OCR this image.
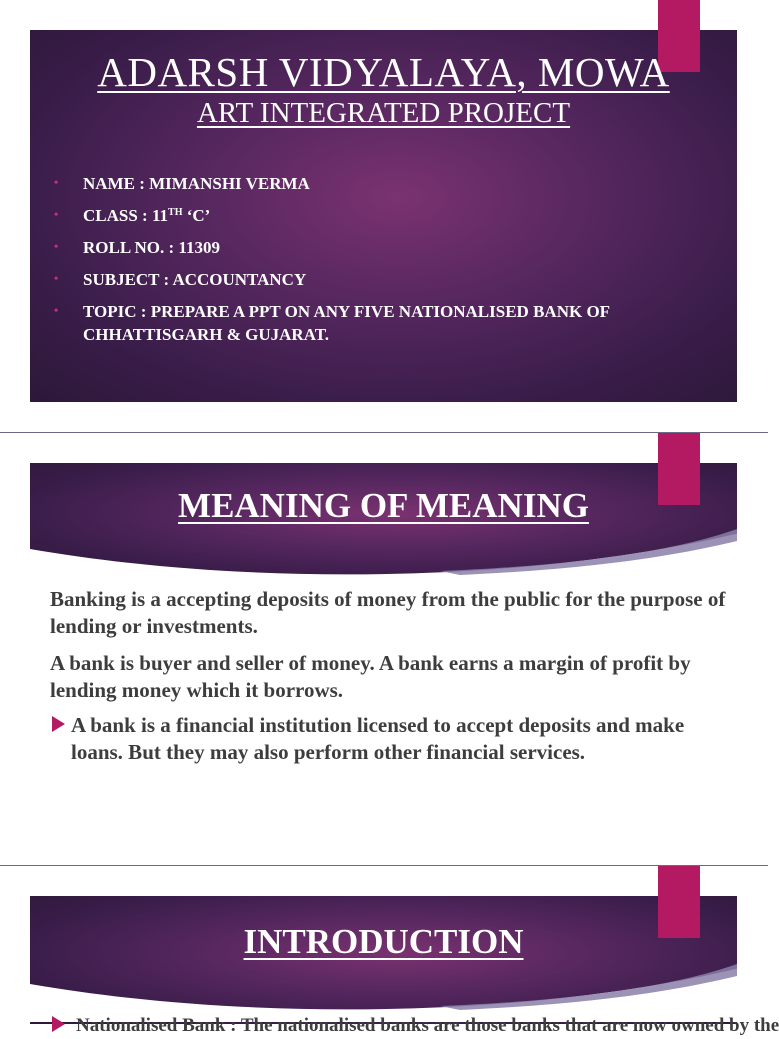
ADARSH VIDYALAYA, MOWA
ART INTEGRATED PROJECT
• NAME : MIMANSHI VERMA
• CLASS : 11TH ‘C’
• ROLL NO. : 11309
• SUBJECT : ACCOUNTANCY
• TOPIC : PREPARE A PPT ON ANY FIVE NATIONALISED BANK OF CHHATTISGARH & GUJARAT.
MEANING OF MEANING

Banking is a accepting deposits of money from the public for the purpose of lending or investments.

A bank is buyer and seller of money. A bank earns a margin of profit by lending money which it borrows.

A bank is a financial institution licensed to accept deposits and make loans. But they may also perform other financial services.

INTRODUCTION

Nationalised Bank : The nationalised banks are those banks that are now owned by the
